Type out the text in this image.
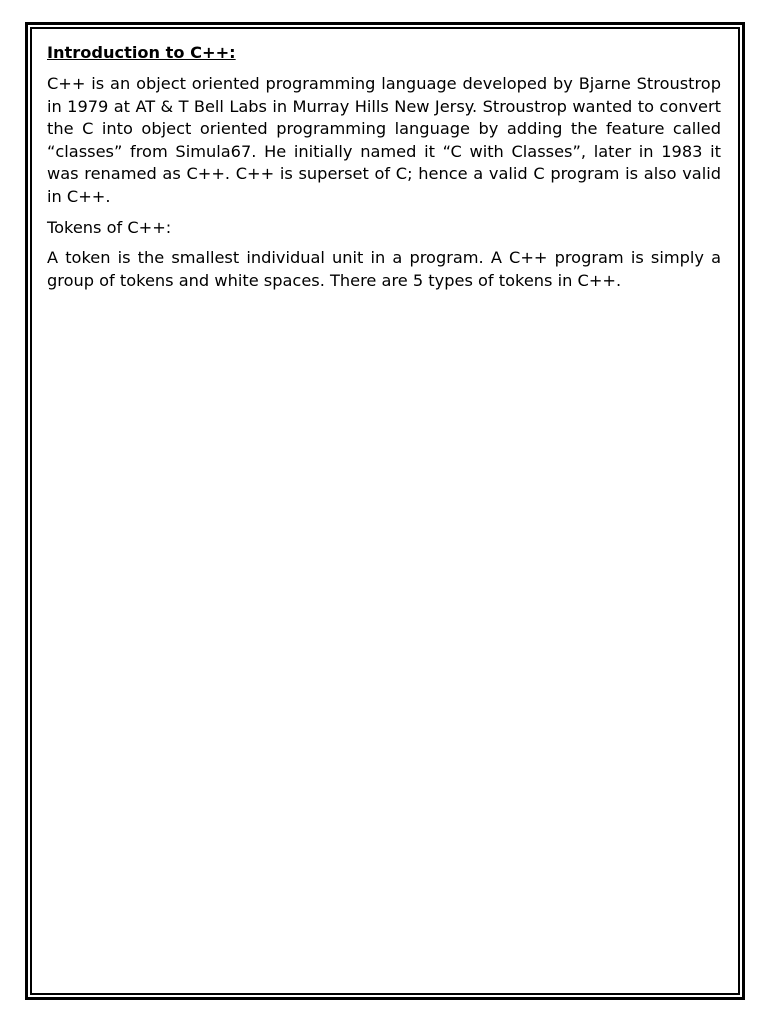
Introduction to C++:

C++ is an object oriented programming language developed by Bjarne Stroustrop in 1979 at AT & T Bell Labs in Murray Hills New Jersy. Stroustrop wanted to convert the C into object oriented programming language by adding the feature called “classes” from Simula67. He initially named it “C with Classes”, later in 1983 it was renamed as C++. C++ is superset of C; hence a valid C program is also valid in C++.

Tokens of C++:

A token is the smallest individual unit in a program. A C++ program is simply a group of tokens and white spaces. There are 5 types of tokens in C++.
